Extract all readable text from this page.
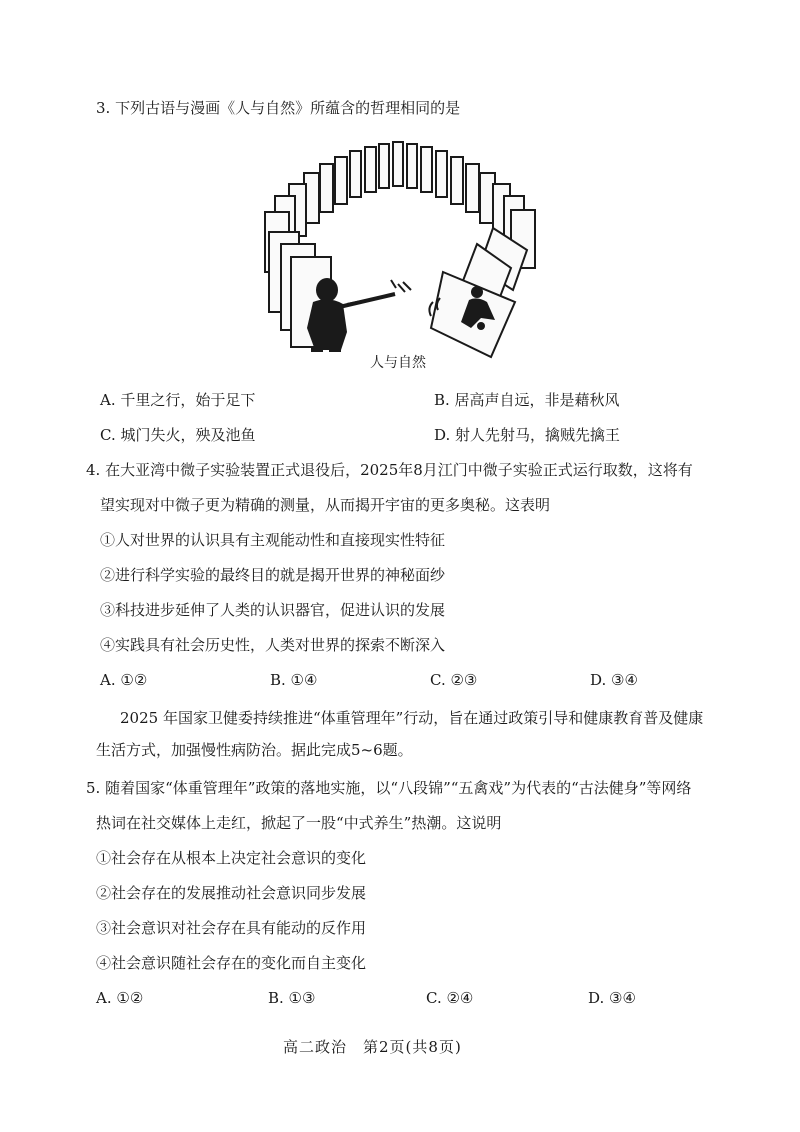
3. 下列古语与漫画《人与自然》所蕴含的哲理相同的是
人与自然
A. 千里之行，始于足下	B. 居高声自远，非是藉秋风
C. 城门失火，殃及池鱼	D. 射人先射马，擒贼先擒王
4. 在大亚湾中微子实验装置正式退役后，2025年8月江门中微子实验正式运行取数，这将有
望实现对中微子更为精确的测量，从而揭开宇宙的更多奥秘。这表明
①人对世界的认识具有主观能动性和直接现实性特征
②进行科学实验的最终目的就是揭开世界的神秘面纱
③科技进步延伸了人类的认识器官，促进认识的发展
④实践具有社会历史性，人类对世界的探索不断深入
A. ①②	B. ①④	C. ②③	D. ③④
2025 年国家卫健委持续推进“体重管理年”行动，旨在通过政策引导和健康教育普及健康
生活方式，加强慢性病防治。据此完成5~6题。
5. 随着国家“体重管理年”政策的落地实施，以“八段锦”“五禽戏”为代表的“古法健身”等网络
热词在社交媒体上走红，掀起了一股“中式养生”热潮。这说明
①社会存在从根本上决定社会意识的变化
②社会存在的发展推动社会意识同步发展
③社会意识对社会存在具有能动的反作用
④社会意识随社会存在的变化而自主变化
A. ①②	B. ①③	C. ②④	D. ③④
高二政治　第2页(共8页)
